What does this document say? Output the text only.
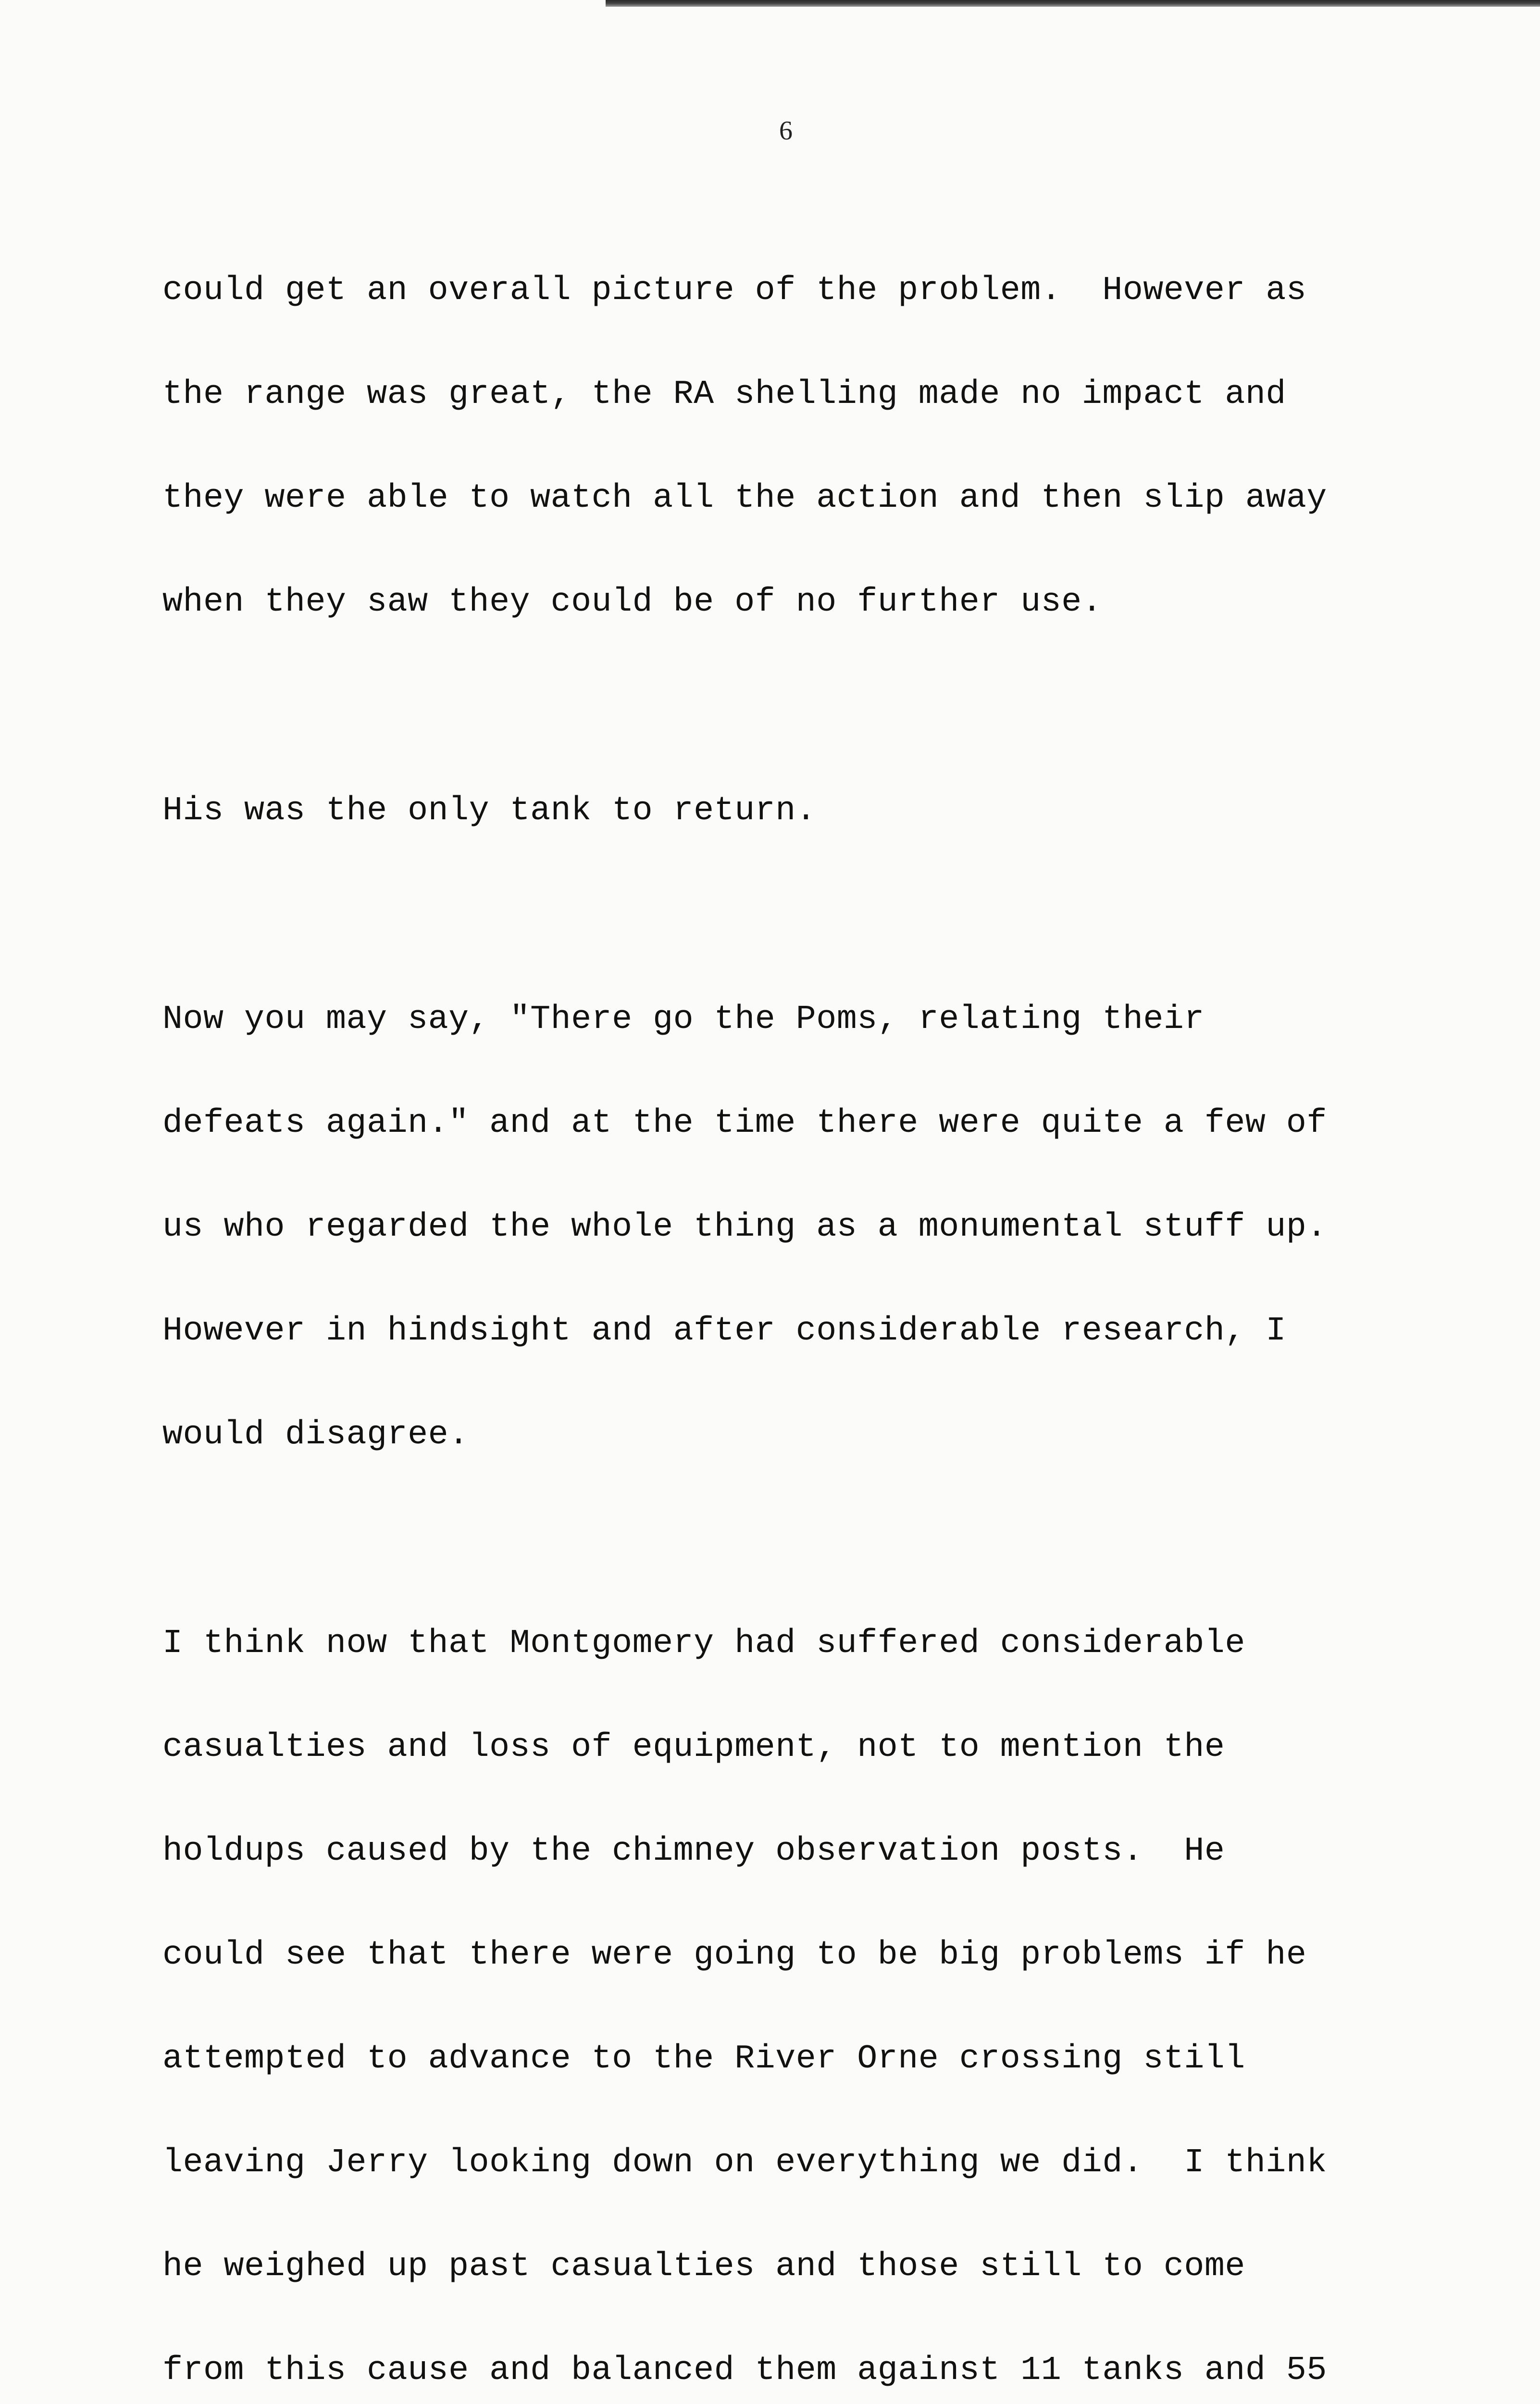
6

could get an overall picture of the problem.  However as

the range was great, the RA shelling made no impact and

they were able to watch all the action and then slip away

when they saw they could be of no further use.

His was the only tank to return.

Now you may say, "There go the Poms, relating their

defeats again." and at the time there were quite a few of

us who regarded the whole thing as a monumental stuff up.

However in hindsight and after considerable research, I

would disagree.

I think now that Montgomery had suffered considerable

casualties and loss of equipment, not to mention the

holdups caused by the chimney observation posts.  He

could see that there were going to be big problems if he

attempted to advance to the River Orne crossing still

leaving Jerry looking down on everything we did.  I think

he weighed up past casualties and those still to come

from this cause and balanced them against 11 tanks and 55
